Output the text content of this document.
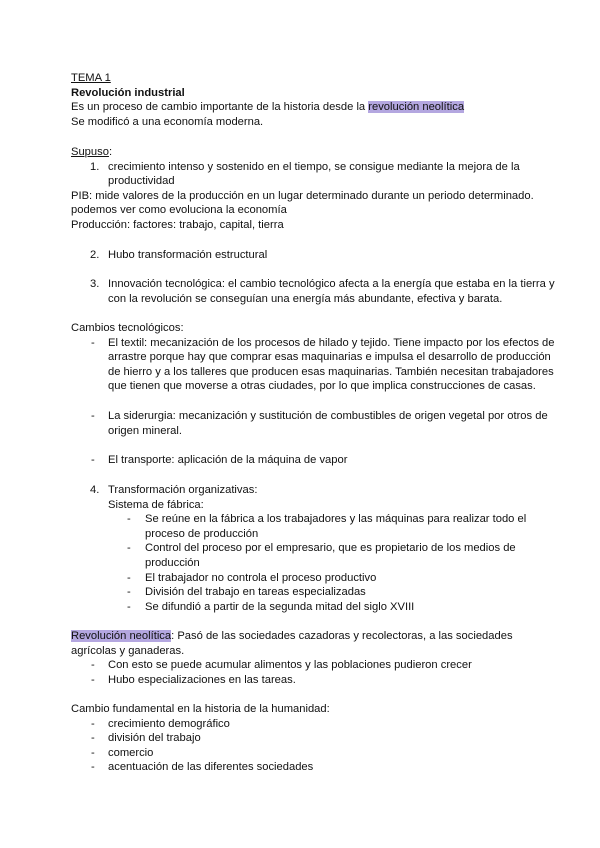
TEMA 1
Revolución industrial
Es un proceso de cambio importante de la historia desde la revolución neolítica
Se modificó a una economía moderna.
Supuso:
1. crecimiento intenso y sostenido en el tiempo, se consigue mediante la mejora de la
productividad
PIB: mide valores de la producción en un lugar determinado durante un periodo determinado.
podemos ver como evoluciona la economía
Producción: factores: trabajo, capital, tierra
2. Hubo transformación estructural
3. Innovación tecnológica: el cambio tecnológico afecta a la energía que estaba en la tierra y
con la revolución se conseguían una energía más abundante, efectiva y barata.
Cambios tecnológicos:
- El textil: mecanización de los procesos de hilado y tejido. Tiene impacto por los efectos de
arrastre porque hay que comprar esas maquinarias e impulsa el desarrollo de producción
de hierro y a los talleres que producen esas maquinarias. También necesitan trabajadores
que tienen que moverse a otras ciudades, por lo que implica construcciones de casas.
- La siderurgia: mecanización y sustitución de combustibles de origen vegetal por otros de
origen mineral.
- El transporte: aplicación de la máquina de vapor
4. Transformación organizativas:
Sistema de fábrica:
- Se reúne en la fábrica a los trabajadores y las máquinas para realizar todo el
proceso de producción
- Control del proceso por el empresario, que es propietario de los medios de
producción
- El trabajador no controla el proceso productivo
- División del trabajo en tareas especializadas
- Se difundió a partir de la segunda mitad del siglo XVIII
Revolución neolítica: Pasó de las sociedades cazadoras y recolectoras, a las sociedades
agrícolas y ganaderas.
- Con esto se puede acumular alimentos y las poblaciones pudieron crecer
- Hubo especializaciones en las tareas.
Cambio fundamental en la historia de la humanidad:
- crecimiento demográfico
- división del trabajo
- comercio
- acentuación de las diferentes sociedades
